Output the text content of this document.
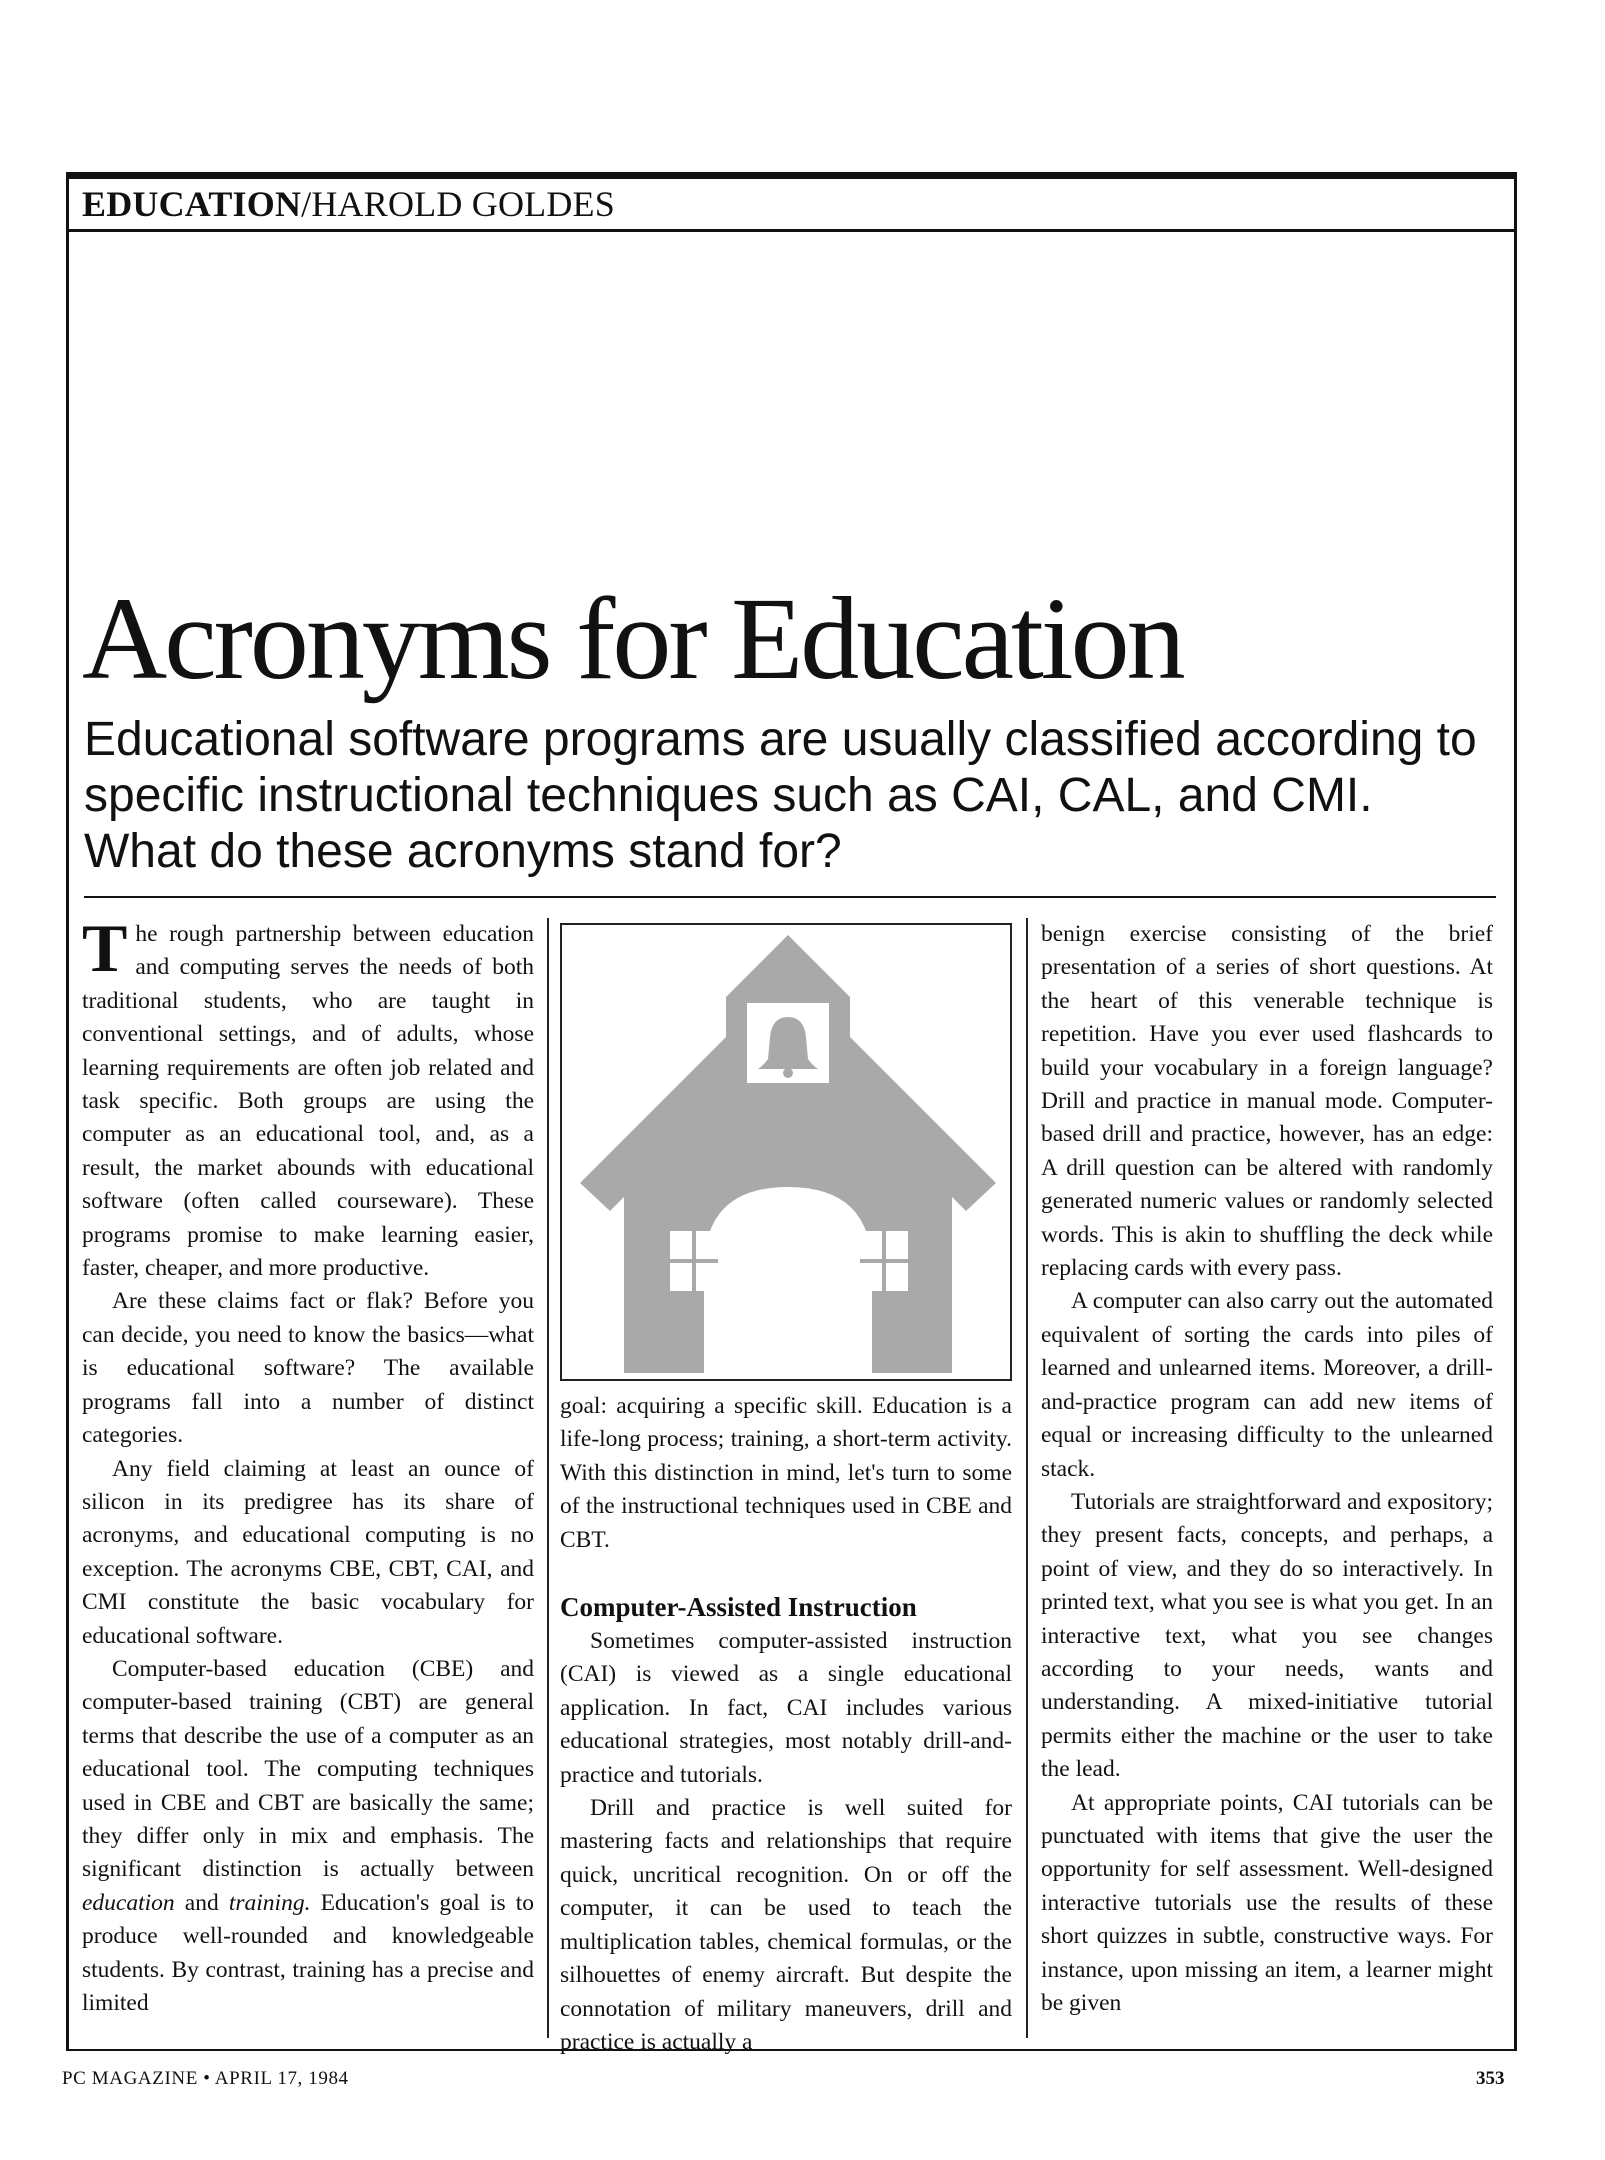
EDUCATION/HAROLD GOLDES
Acronyms for Education

Educational software programs are usually classified according to specific instructional techniques such as CAI, CAL, and CMI. What do these acronyms stand for?

The rough partnership between education and computing serves the needs of both traditional students, who are taught in conventional settings, and of adults, whose learning requirements are often job related and task specific. Both groups are using the computer as an educational tool, and, as a result, the market abounds with educational software (often called courseware). These programs promise to make learning easier, faster, cheaper, and more productive.

Are these claims fact or flak? Before you can decide, you need to know the basics—what is educational software? The available programs fall into a number of distinct categories.

Any field claiming at least an ounce of silicon in its predigree has its share of acronyms, and educational computing is no exception. The acronyms CBE, CBT, CAI, and CMI constitute the basic vocabulary for educational software.

Computer-based education (CBE) and computer-based training (CBT) are general terms that describe the use of a computer as an educational tool. The computing techniques used in CBE and CBT are basically the same; they differ only in mix and emphasis. The significant distinction is actually between education and training. Education's goal is to produce well-rounded and knowledgeable students. By contrast, training has a precise and limited

goal: acquiring a specific skill. Education is a life-long process; training, a short-term activity. With this distinction in mind, let's turn to some of the instructional techniques used in CBE and CBT.

Computer-Assisted Instruction

Sometimes computer-assisted instruction (CAI) is viewed as a single educational application. In fact, CAI includes various educational strategies, most notably drill-and-practice and tutorials.

Drill and practice is well suited for mastering facts and relationships that require quick, uncritical recognition. On or off the computer, it can be used to teach the multiplication tables, chemical formulas, or the silhouettes of enemy aircraft. But despite the connotation of military maneuvers, drill and practice is actually a

benign exercise consisting of the brief presentation of a series of short questions. At the heart of this venerable technique is repetition. Have you ever used flashcards to build your vocabulary in a foreign language? Drill and practice in manual mode. Computer-based drill and practice, however, has an edge: A drill question can be altered with randomly generated numeric values or randomly selected words. This is akin to shuffling the deck while replacing cards with every pass.

A computer can also carry out the automated equivalent of sorting the cards into piles of learned and unlearned items. Moreover, a drill-and-practice program can add new items of equal or increasing difficulty to the unlearned stack.

Tutorials are straightforward and expository; they present facts, concepts, and perhaps, a point of view, and they do so interactively. In printed text, what you see is what you get. In an interactive text, what you see changes according to your needs, wants and understanding. A mixed-initiative tutorial permits either the machine or the user to take the lead.

At appropriate points, CAI tutorials can be punctuated with items that give the user the opportunity for self assessment. Well-designed interactive tutorials use the results of these short quizzes in subtle, constructive ways. For instance, upon missing an item, a learner might be given

PC MAGAZINE • APRIL 17, 1984	353
